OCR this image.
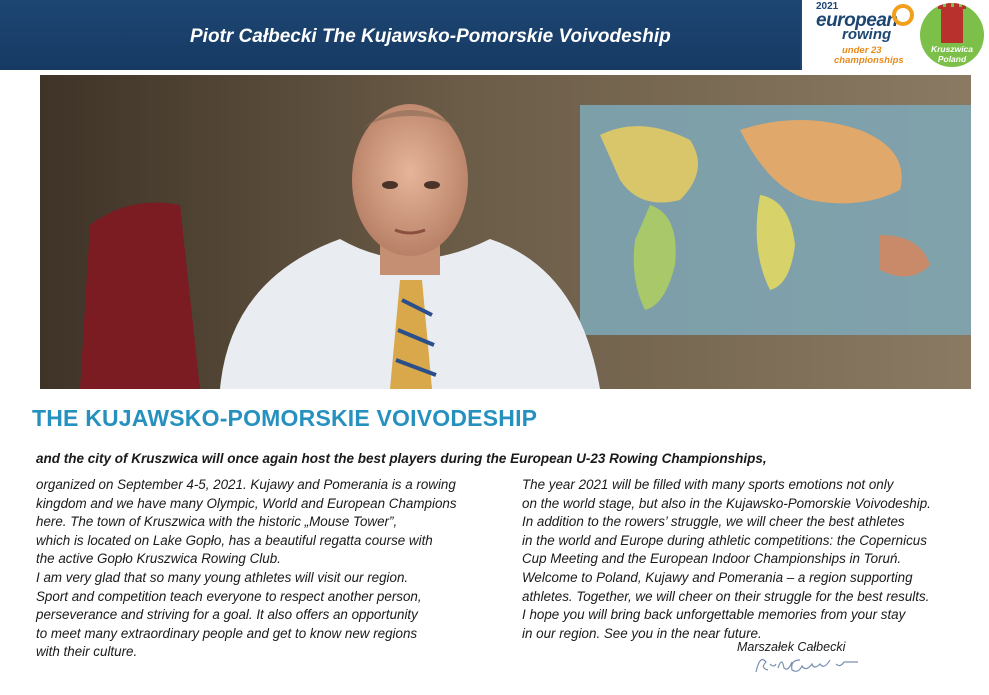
Piotr Całbecki The Kujawsko-Pomorskie Voivodeship
2021
european
rowing
under 23
championships
Kruszwica
Poland
THE KUJAWSKO-POMORSKIE VOIVODESHIP
and the city of Kruszwica will once again host the best players during the European U-23 Rowing Championships,
organized on September 4-5, 2021. Kujawy and Pomerania is a rowing
kingdom and we have many Olympic, World and European Champions
here. The town of Kruszwica with the historic „Mouse Tower”,
which is located on Lake Gopło, has a beautiful regatta course with
the active Gopło Kruszwica Rowing Club.
I am very glad that so many young athletes will visit our region.
Sport and competition teach everyone to respect another person,
perseverance and striving for a goal. It also offers an opportunity
to meet many extraordinary people and get to know new regions
with their culture.
The year 2021 will be filled with many sports emotions not only
on the world stage, but also in the Kujawsko-Pomorskie Voivodeship.
In addition to the rowers’ struggle, we will cheer the best athletes
in the world and Europe during athletic competitions: the Copernicus
Cup Meeting and the European Indoor Championships in Toruń.
Welcome to Poland, Kujawy and Pomerania – a region supporting
athletes. Together, we will cheer on their struggle for the best results.
I hope you will bring back unforgettable memories from your stay
in our region. See you in the near future.
Marszałek Całbecki
